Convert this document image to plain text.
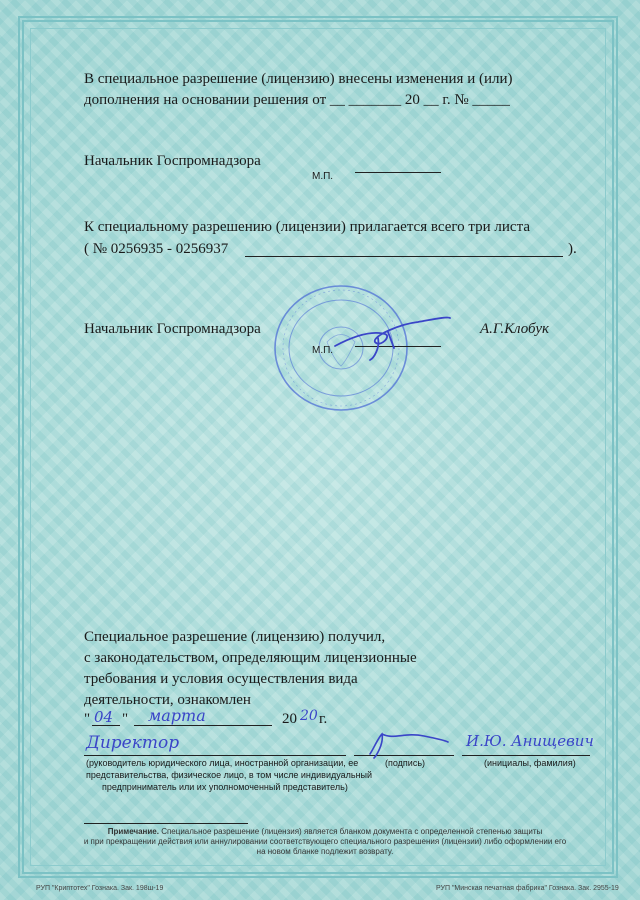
В специальное разрешение (лицензию) внесены изменения и (или)
дополнения на основании решения от __ _______ 20 __ г. № _____
Начальник Госпромнадзора
М.П.
К специальному разрешению (лицензии) прилагается всего три листа
( № 0256935 - 0256937	).
Начальник Госпромнадзора
М.П.
А.Г.Клобук
Специальное разрешение (лицензию) получил,
с законодательством, определяющим лицензионные
требования и условия осуществления вида
деятельности, ознакомлен
" 04 " марта	20 20 г.
Директор	И.Ю. Анищевич
(руководитель юридического лица, иностранной организации, ее
представительства, физическое лицо, в том числе индивидуальный
предприниматель или их уполномоченный представитель)
(подпись)	(инициалы, фамилия)
Примечание. Специальное разрешение (лицензия) является бланком документа с определенной степенью защиты
и при прекращении действия или аннулировании соответствующего специального разрешения (лицензии) либо оформлении его
на новом бланке подлежит возврату.
РУП "Криптотех" Гознака. Зак. 198ш-19	РУП "Минская печатная фабрика" Гознака. Зак. 2955-19
